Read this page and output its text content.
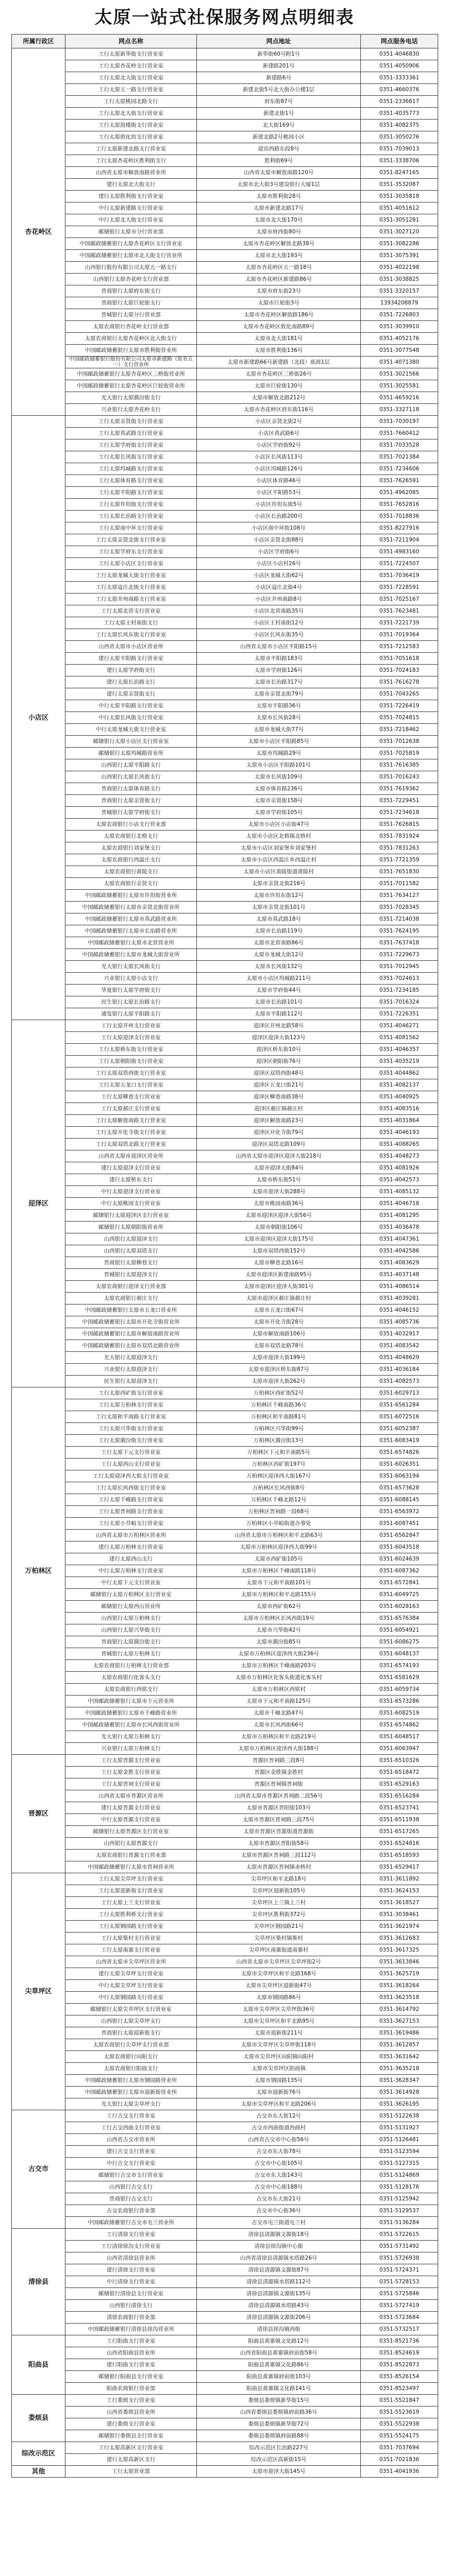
太原一站式社保服务网点明细表
所属行政区	网点名称	网点地址	网点服务电话
杏花岭区	工行太原新华街支行营业室	新华街60号附1号	0351-4046830
	工行太原杏花岭支行营业室	新建路201号	0351-4050906
	工行太原北大街支行营业室	新建路6号	0351-3333361
	工行太原五一路支行营业室	新建北街5号北大街办公楼1层	0351-4660376
	工行太原桃园北路支行	府东街87号	0351-2336617
	工行太原北大街支行营业室	新建北街1号	0351-4035773
	工行太原鼓楼街支行营业室	北大街169号	0351-4082375
	工行太原敦化坊支行营业室	新建北路2号桃园小区	0351-3050276
	工行太原新建北路支行营业室	迎宾西路东段8号	0351-7039013
	工行太原杏花岭区胜利街支行	胜利街69号	0351-3338706
	山西省太原市解放南路营业所	山西省太原市解放南路120号	0351-8247165
	建行太原北大街支行	太原市北大街3号建设银行大厦1层	0351-3532087
	建行太原胜利街支行营业室	太原市胜利街28号	0351-3035818
	中行太原新建路支行营业室	太原市新建北路17号	0351-4051612
	中行太原北大街支行营业室	太原市北大街170号	0351-3051281
	邮储银行太原市分行营业部	太原市府西街80号	0351-3027120
	中国邮政储蓄银行太原杏花岭区支行营业室	太原市杏花岭区解放北路38号	0351-3082286
	中国邮政储蓄银行太原市北大街支行营业所	太原市北大街193号	0351-3075391
	山西银行股份有限公司太原五一路支行	太原市杏花岭区五一路18号	0351-4022198
	山西银行太原杏花岭支行营业部	太原市杏花岭区新建路86号	0351-3038825
	晋商银行太原府东街支行	太原市府东街23号	0351-3320157
	晋商银行太原巨轮街支行	太原市巨轮街3号	13934208879
	晋城银行太原分行营业部	太原市杏花岭区解放路186号	0351-7226803
	太原农商银行杏花岭支行营业部	太原市杏花岭区敦化南路89号	0351-3039910
	太原农商银行太原杏花岭区北大街支行	太原市北大街181号	0351-4052176
	中国邮政储蓄银行太原市胜利街营业所	太原市胜利街136号	0351-3077548
	中国邮政储蓄银行股份有限公司太原市新建路（原名五一）支行营业所	太原市新建路66号新建路（北段）底商1层	0351-4071380
	中国邮政储蓄银行太原杏花岭区三桥街营业所	太原市杏花岭区三桥街26号	0351-3021566
	中国邮政储蓄银行太原杏花岭区巨轮街营业所	太原市巨轮街130号	0351-3025581
	光大银行太原漪汾街支行	太原市解放北路212号	0351-4659216
	兴业银行太原杏花岭支行	太原市杏花岭区府东街116号	0351-3327118
小店区	工行太原亲贤街支行营业室	小店区亲贤北街2号	0351-7030197
	工行太原真武路支行营业室	小店区真武路6号	0351-7660412
	工行太原学府街支行营业室	小店区学府街92号	0351-7033528
	工行太原长风街支行营业室	小店区长风街113号	0351-7021384
	工行太原坞城路支行营业室	小店区坞城路126号	0351-7234606
	工行太原体育路支行营业室	小店区体育路46号	0351-7626591
	工行太原平阳路支行营业室	小店区平阳路53号	0351-4962085
	工行太原许坦街支行营业室	小店区许坦东街5号	0351-7652816
	工行太原长治路支行营业室	小店区长治路200号	0351-7018836
	工行太原南中环支行营业室	小店区南中环街108号	0351-8227916
	工行太原亲贤北街支行营业室	小店区亲贤北街88号	0351-7211904
	工行太原学府东支行营业室	小店区学府街6号	0351-4983160
	工行太原小店区支行营业室	小店区小店村26号	0351-7224507
	工行太原龙城大街支行营业室	小店区龙城大街62号	0351-7036419
	工行太原寇庄北街支行营业室	小店区寇庄北街4号	0351-7228591
	工行太原并州南路支行营业室	小店区并州南路8号	0351-7025167
	工行太原北营支行营业室	小店区北营南路35号	0351-7623481
	工行太原王村南街支行	小店区王村南街12号	0351-7221739
	工行太原长风东街支行营业室	小店区长风东街35号	0351-7019364
	山西省太原市小店区营业所	山西省太原市小店区平阳路15号	0351-7212583
	建行太原平阳路支行营业室	太原市平阳路183号	0351-7051618
	建行太原学府街支行	太原市学府街126号	0351-7024183
	建行太原长治路支行	太原市长治路317号	0351-7616278
	建行太原亲贤街支行	太原市亲贤北街79号	0351-7043265
	中行太原平阳路支行营业室	太原市平阳路36号	0351-7226419
	中行太原长风街支行营业室	太原市长风街28号	0351-7024815
	中行太原龙城大街支行营业室	太原市龙城大街77号	0351-7218462
	邮储银行太原小店区支行营业室	太原市小店区平阳路85号	0351-7012638
	邮储银行太原坞城路营业所	太原市坞城路29号	0351-7025819
	山西银行太原平阳路支行	太原市小店区平阳路101号	0351-7616385
	山西银行太原长风街支行	太原市长风街109号	0351-7016243
	晋商银行太原体育路支行	太原市体育路236号	0351-7619362
	晋商银行太原亲贤街支行	太原市亲贤街158号	0351-7229451
	晋城银行太原学府街支行	太原市学府街105号	0351-7234618
	太原农商银行小店支行营业部	太原市小店区小店街47号	0351-7626815
	太原农商银行北格支行	太原市小店区北格镇北格村	0351-7831924
	太原农商银行刘家堡支行	太原市小店区刘家堡乡刘家堡村	0351-7831263
	太原农商银行西温庄支行	太原市小店区西温庄乡西温庄村	0351-7721359
	太原农商银行黄陵支行	太原市小店区黄陵街道黄陵村	0351-7651830
	太原农商银行亲贤支行	太原市亲贤北街216号	0351-7011582
	中国邮政储蓄银行太原市许坦街营业所	太原市许坦东街12号	0351-7634127
	中国邮政储蓄银行太原市亲贤北街营业所	太原市亲贤北街101号	0351-7028345
	中国邮政储蓄银行太原市真武路营业所	太原市真武路18号	0351-7214038
	中国邮政储蓄银行太原市长治路营业所	太原市长治路119号	0351-7624195
	中国邮政储蓄银行太原市北营营业所	太原市北营南路86号	0351-7637418
	中国邮政储蓄银行太原市龙城大街营业所	太原市龙城大街12号	0351-7229673
	光大银行太原长风街支行	太原市长风街132号	0351-7012945
	兴业银行太原小店支行	太原市小店区坞城路211号	0351-7024613
	华夏银行太原学府街支行	太原市学府街44号	0351-7234185
	民生银行太原长治路支行	太原市长治路101号	0351-7016324
	浦发银行太原平阳路支行	太原市平阳路112号	0351-7226351
迎泽区	工行太原并州支行营业室	迎泽区并州北路58号	0351-4046271
	工行太原迎泽支行营业室	迎泽区迎泽大街123号	0351-4081562
	工行太原桥东街支行营业室	迎泽区桥东街10号	0351-4046357
	工行太原朝阳街支行营业室	迎泽区朝阳街76号	0351-4035219
	工行太原双塔西街支行营业室	迎泽区双塔西街48号	0351-4044862
	工行太原五龙口支行营业室	迎泽区五龙口街21号	0351-4082137
	工行太原柳巷支行营业室	迎泽区柳巷南路38号	0351-4040925
	工行太原郝庄支行营业室	迎泽区郝庄镇郝庄村	0351-4083516
	工行太原解放南路支行营业室	迎泽区解放南路23号	0351-4031864
	工行太原开化寺街支行营业室	迎泽区开化寺街79号	0351-4046193
	工行太原双塔北路支行营业室	迎泽区双塔北路109号	0351-4088265
	山西省太原市迎泽区营业所	山西省太原市迎泽区迎泽大街218号	0351-4048273
	建行太原迎泽支行营业室	太原市迎泽大街84号	0351-4081926
	建行太原桥东支行	太原市桥东街51号	0351-4042573
	中行太原迎泽支行营业室	太原市迎泽大街288号	0351-4085132
	中行太原桃园支行营业室	太原市桃园南路36号	0351-4046718
	邮储银行太原迎泽区支行营业室	太原市迎泽区迎泽大街56号	0351-4081295
	邮储银行太原朝阳街营业所	太原市朝阳街106号	0351-4036478
	山西银行太原迎泽支行	太原市迎泽区迎泽大街175号	0351-4047361
	山西银行太原双塔支行	太原市双塔西街152号	0351-4042586
	晋商银行太原柳巷支行	太原市柳巷北路16号	0351-4083629
	晋城银行太原迎泽支行	太原市迎泽区新建南路95号	0351-4037148
	太原农商银行迎泽支行营业部	太原市迎泽区迎泽大街301号	0351-4086514
	太原农商银行郝庄支行	太原市迎泽区郝庄镇郝庄村	0351-4039281
	中国邮政储蓄银行太原市五龙口营业所	太原市五龙口街67号	0351-4046152
	中国邮政储蓄银行太原市开化寺街营业所	太原市开化寺街28号	0351-4085736
	中国邮政储蓄银行太原市解放南路营业所	太原市解放南路106号	0351-4032917
	中国邮政储蓄银行太原市双塔北路营业所	太原市双塔北路78号	0351-4083542
	光大银行太原迎泽支行	太原市迎泽大街199号	0351-4048629
	兴业银行太原迎泽支行	太原市迎泽区桥东街87号	0351-4036184
	民生银行太原迎泽支行	太原市迎泽大街262号	0351-4082573
万柏林区	工行太原西矿街支行营业室	万柏林区西矿街52号	0351-6029713
	工行太原万柏林支行营业室	万柏林区千峰南路36号	0351-6561284
	工行太原和平南路支行营业室	万柏林区和平南路81号	0351-6072516
	工行太原兴华街支行营业室	万柏林区兴华街99号	0351-6052387
	工行太原漪汾街支行营业室	万柏林区漪汾街13号	0351-6083419
	工行太原下元支行营业室	万柏林区下元和平南路5号	0351-6574826
	工行太原西山支行营业室	万柏林区西矿街197号	0351-6026351
	工行太原迎泽西大街支行营业室	万柏林区迎泽西大街167号	0351-6063194
	工行太原长风西街支行营业室	万柏林区长风西街8号	0351-6573628
	工行太原千峰路支行营业室	万柏林区千峰北路12号	0351-6088145
	工行太原晋祠路支行营业室	万柏林区晋祠路一段68号	0351-6563972
	工行太原小井峪支行营业室	万柏林区小井峪街道办事处	0351-6087451
	山西省太原市万柏林区营业所	山西省太原市万柏林区和平北路63号	0351-6562847
	建行太原万柏林支行营业室	太原市万柏林区迎泽西大街99号	0351-6043518
	建行太原西山支行	太原市西矿街105号	0351-6024639
	中行太原万柏林支行营业室	太原市万柏林区千峰南路118号	0351-6087362
	中行太原下元支行营业室	太原市下元和平南路101号	0351-6572841
	邮储银行太原万柏林区支行营业室	太原市万柏林区和平北路155号	0351-6049725
	邮储银行太原西山营业所	太原市西矿街62号	0351-6028163
	山西银行太原万柏林支行	太原市万柏林区长风西街19号	0351-6576384
	山西银行太原兴华街支行	太原市兴华街42号	0351-6054921
	晋商银行太原漪汾街支行	太原市漪汾街85号	0351-6086275
	晋城银行太原万柏林支行	太原市万柏林区迎泽西大街236号	0351-6048137
	太原农商银行万柏林支行营业部	太原市万柏林区千峰南路203号	0351-6574193
	太原农商银行化客头支行	太原市万柏林区化客头街道化客头村	0351-6581629
	太原农商银行西铭支行	太原市万柏林区西铭村	0351-6059734
	中国邮政储蓄银行太原市下元营业所	太原市下元和平南路125号	0351-6573286
	中国邮政储蓄银行太原市千峰路营业所	太原市千峰北路47号	0351-6082519
	中国邮政储蓄银行太原市长风西街营业所	太原市长风西街66号	0351-6574862
	光大银行太原万柏林支行	太原市万柏林区和平北路219号	0351-6048517
	兴业银行太原万柏林支行	太原市万柏林区迎泽西大街188号	0351-6063947
晋源区	工行太原晋源支行营业室	晋源区晋祠路三段8号	0351-6510326
	工行太原金胜支行营业室	晋源区金胜镇金胜村	0351-6518472
	工行太原晋祠支行营业室	晋源区晋祠镇晋祠街	0351-6529163
	山西省太原市晋源区营业所	山西省太原市晋源区晋祠路二段56号	0351-6516284
	建行太原晋源支行营业室	太原市晋源区晋阳街103号	0351-6523741
	中行太原晋源支行营业室	太原市晋源区晋祠路三段75号	0351-6511938
	邮储银行太原晋源区支行营业室	太原市晋源区晋源街道晋源街	0351-6517265
	山西银行太原晋源支行	太原市晋源区晋阳街58号	0351-6524816
	太原农商银行晋源支行营业部	太原市晋源区晋祠路三段112号	0351-6518593
	中国邮政储蓄银行太原市晋祠营业所	太原市晋源区晋祠镇赤桥村	0351-6529417
尖草坪区	工行太原尖草坪支行营业室	尖草坪区和平北路18号	0351-3611892
	工行太原迎新街支行营业室	尖草坪区迎新街105号	0351-3624153
	工行太原上兰支行营业室	尖草坪区上兰镇上兰村	0351-3618527
	工行太原胜利桥支行营业室	尖草坪区胜利街372号	0351-3038461
	工行太原钢园路支行营业室	尖草坪区钢园路21号	0351-3621974
	工行太原柴村支行营业室	尖草坪区柴村镇柴村	0351-3612683
	工行太原南寨支行营业室	尖草坪区南寨街道南寨村	0351-3617325
	山西省太原市尖草坪区营业所	山西省太原市尖草坪区尖草坪街2号	0351-3613846
	建行太原尖草坪支行营业室	太原市尖草坪区和平北路168号	0351-3625719
	中行太原尖草坪支行营业室	太原市尖草坪区迎新街47号	0351-3618264
	中行太原钢园路支行营业室	太原市钢园路86号	0351-3623518
	邮储银行太原尖草坪区支行营业室	太原市尖草坪区尖草坪街36号	0351-3614792
	山西银行太原尖草坪支行	太原市尖草坪区和平北路95号	0351-3627153
	晋商银行太原迎新街支行	太原市迎新街211号	0351-3619486
	太原农商银行尖草坪支行营业部	太原市尖草坪区尖草坪街118号	0351-3612857
	太原农商银行向阳支行	太原市尖草坪区向阳镇向阳村	0351-3631642
	太原农商银行阳曲支行	太原市尖草坪区阳曲镇	0351-3635218
	中国邮政储蓄银行太原市钢园路营业所	太原市钢园路135号	0351-3628347
	中国邮政储蓄银行太原市迎新街营业所	太原市迎新街76号	0351-3614928
	光大银行太原尖草坪支行	太原市尖草坪区和平北路206号	0351-3626195
古交市	工行古交支行营业室	古交市东大街12号	0351-5122638
	工行古交西曲支行营业室	古交市西曲街道西曲村	0351-5131927
	山西省古交市营业所	山西省古交市中心街56号	0351-5126481
	建行古交支行营业室	古交市东大街78号	0351-5123594
	中行古交支行营业室	古交市中心街105号	0351-5127315
	邮储银行古交市支行营业室	古交市东大街143号	0351-5124869
	山西银行古交支行	古交市中心街188号	0351-5128176
	晋商银行古交支行	古交市东大街21号	0351-5125942
	古交农商银行营业部	古交市中心街36号	0351-5129537
	中国邮政储蓄银行古交市屯兰营业所	古交市屯兰街道屯兰村	0351-5136284
清徐县	工行清徐支行营业室	清徐县清源镇文源街18号	0351-5722615
	工行清徐徐沟支行营业室	清徐县徐沟镇中心街	0351-5731492
	山西省清徐县营业所	山西省清徐县清源镇水塔路26号	0351-5726938
	建行清徐支行营业室	清徐县清源镇文源街87号	0351-5724371
	中行清徐支行营业室	清徐县清源镇水塔路112号	0351-5728153
	邮储银行清徐县支行营业室	清徐县清源镇文源街135号	0351-5725846
	山西银行清徐支行	清徐县清源镇水塔路43号	0351-5727419
	清徐农商银行营业部	清徐县清源镇文源街206号	0351-5723684
	中国邮政储蓄银行清徐县徐沟营业所	清徐县徐沟镇西街	0351-5732517
阳曲县	工行阳曲支行营业室	阳曲县黄寨镇文化路12号	0351-8521736
	山西省阳曲县营业所	山西省阳曲县黄寨镇府前街58号	0351-8524619
	建行阳曲支行营业室	阳曲县黄寨镇文化路86号	0351-8522873
	邮储银行阳曲县支行营业室	阳曲县黄寨镇府前街103号	0351-8526154
	阳曲农商银行营业部	阳曲县黄寨镇文化路141号	0351-8523497
娄烦县	工行娄烦支行营业室	娄烦县娄烦镇新华街15号	0351-5521847
	山西省娄烦县营业所	山西省娄烦县娄烦镇府前路36号	0351-5523619
	建行娄烦支行营业室	娄烦县娄烦镇新华街72号	0351-5522938
	邮储银行娄烦县支行营业室	娄烦县娄烦镇府前路88号	0351-5524175
综改示范区	工行太原高新区支行营业室	综改示范区长治路227号	0351-7037694
	建行太原高新区支行	综改示范区高新街15号	0351-7021836
其他	工行太原营业部	太原市迎泽大街145号	0351-4041936
